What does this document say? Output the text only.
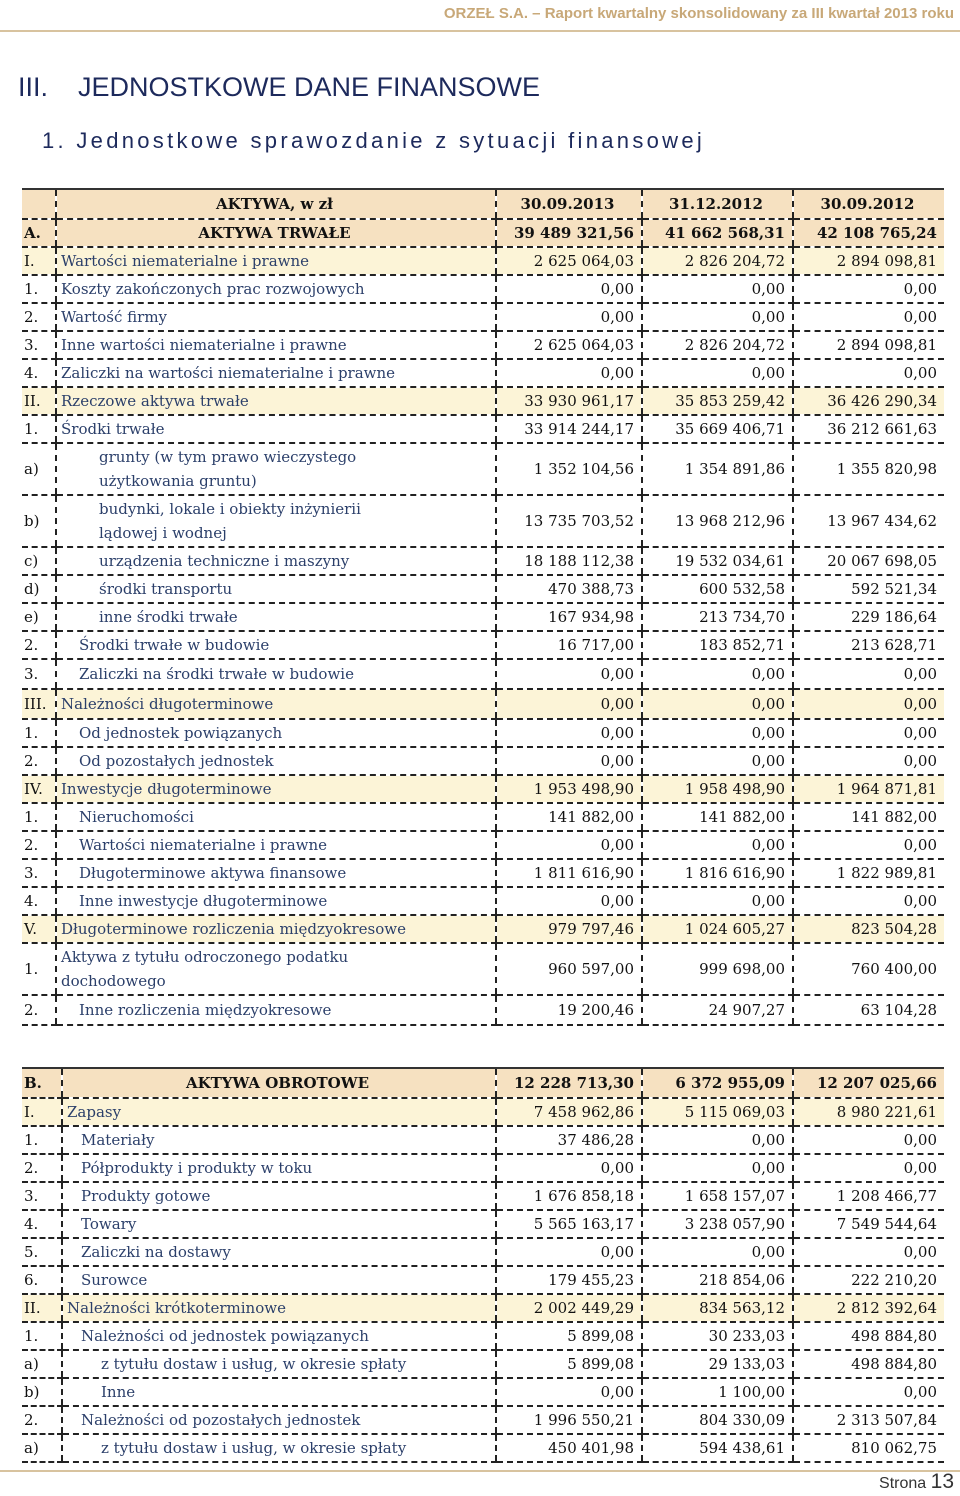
ORZEŁ S.A. – Raport kwartalny skonsolidowany za III kwartał 2013 roku
III. JEDNOSTKOWE DANE FINANSOWE
1. Jednostkowe sprawozdanie z sytuacji finansowej
	AKTYWA, w zł	30.09.2013	31.12.2012	30.09.2012
A.	AKTYWA TRWAŁE	39 489 321,56	41 662 568,31	42 108 765,24
I.	Wartości niematerialne i prawne	2 625 064,03	2 826 204,72	2 894 098,81
1.	Koszty zakończonych prac rozwojowych	0,00	0,00	0,00
2.	Wartość firmy	0,00	0,00	0,00
3.	Inne wartości niematerialne i prawne	2 625 064,03	2 826 204,72	2 894 098,81
4.	Zaliczki na wartości niematerialne i prawne	0,00	0,00	0,00
II.	Rzeczowe aktywa trwałe	33 930 961,17	35 853 259,42	36 426 290,34
1.	Środki trwałe	33 914 244,17	35 669 406,71	36 212 661,63
a)	grunty (w tym prawo wieczystego użytkowania gruntu)	1 352 104,56	1 354 891,86	1 355 820,98
b)	budynki, lokale i obiekty inżynierii lądowej i wodnej	13 735 703,52	13 968 212,96	13 967 434,62
c)	urządzenia techniczne i maszyny	18 188 112,38	19 532 034,61	20 067 698,05
d)	środki transportu	470 388,73	600 532,58	592 521,34
e)	inne środki trwałe	167 934,98	213 734,70	229 186,64
2.	Środki trwałe w budowie	16 717,00	183 852,71	213 628,71
3.	Zaliczki na środki trwałe w budowie	0,00	0,00	0,00
III.	Należności długoterminowe	0,00	0,00	0,00
1.	Od jednostek powiązanych	0,00	0,00	0,00
2.	Od pozostałych jednostek	0,00	0,00	0,00
IV.	Inwestycje długoterminowe	1 953 498,90	1 958 498,90	1 964 871,81
1.	Nieruchomości	141 882,00	141 882,00	141 882,00
2.	Wartości niematerialne i prawne	0,00	0,00	0,00
3.	Długoterminowe aktywa finansowe	1 811 616,90	1 816 616,90	1 822 989,81
4.	Inne inwestycje długoterminowe	0,00	0,00	0,00
V.	Długoterminowe rozliczenia międzyokresowe	979 797,46	1 024 605,27	823 504,28
1.	Aktywa z tytułu odroczonego podatku dochodowego	960 597,00	999 698,00	760 400,00
2.	Inne rozliczenia międzyokresowe	19 200,46	24 907,27	63 104,28
B.	AKTYWA OBROTOWE	12 228 713,30	6 372 955,09	12 207 025,66
I.	Zapasy	7 458 962,86	5 115 069,03	8 980 221,61
1.	Materiały	37 486,28	0,00	0,00
2.	Półprodukty i produkty w toku	0,00	0,00	0,00
3.	Produkty gotowe	1 676 858,18	1 658 157,07	1 208 466,77
4.	Towary	5 565 163,17	3 238 057,90	7 549 544,64
5.	Zaliczki na dostawy	0,00	0,00	0,00
6.	Surowce	179 455,23	218 854,06	222 210,20
II.	Należności krótkoterminowe	2 002 449,29	834 563,12	2 812 392,64
1.	Należności od jednostek powiązanych	5 899,08	30 233,03	498 884,80
a)	z tytułu dostaw i usług, w okresie spłaty	5 899,08	29 133,03	498 884,80
b)	Inne	0,00	1 100,00	0,00
2.	Należności od pozostałych jednostek	1 996 550,21	804 330,09	2 313 507,84
a)	z tytułu dostaw i usług, w okresie spłaty	450 401,98	594 438,61	810 062,75
Strona 13
